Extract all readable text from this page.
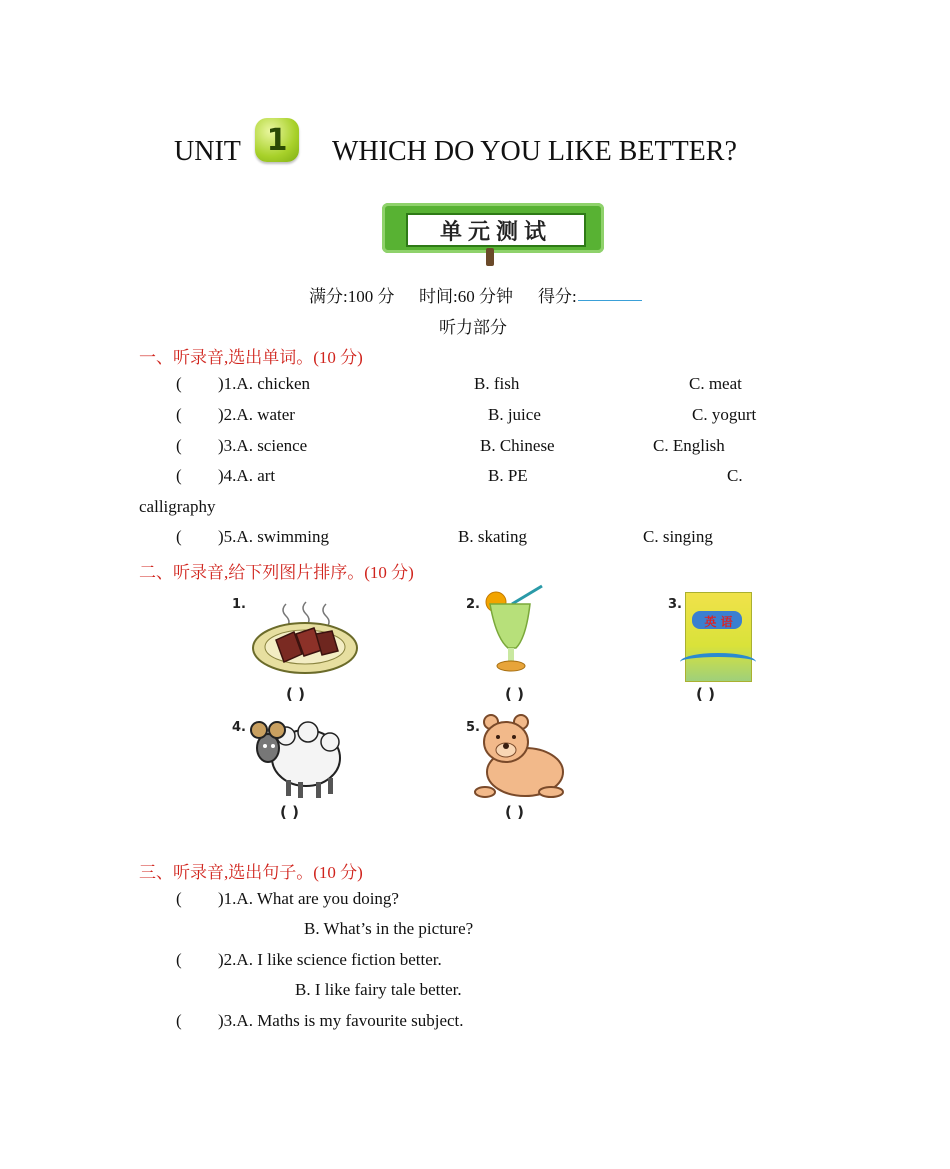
UNIT 1 WHICH DO YOU LIKE BETTER?
单元测试
满分:100 分 时间:60 分钟 得分:
听力部分
一、听录音,选出单词。(10 分)
( )1.A. chicken	B. fish	C. meat
( )2.A. water	B. juice	C. yogurt
( )3.A. science	B. Chinese	C. English
( )4.A. art	B. PE	C.
calligraphy
( )5.A. swimming	B. skating	C. singing
二、听录音,给下列图片排序。(10 分)
1.
( )
2.
( )
3.
英 语
( )
4.
( )
5.
( )
三、听录音,选出句子。(10 分)
( )1.A. What are you doing?
B. What’s in the picture?
( )2.A. I like science fiction better.
B. I like fairy tale better.
( )3.A. Maths is my favourite subject.
